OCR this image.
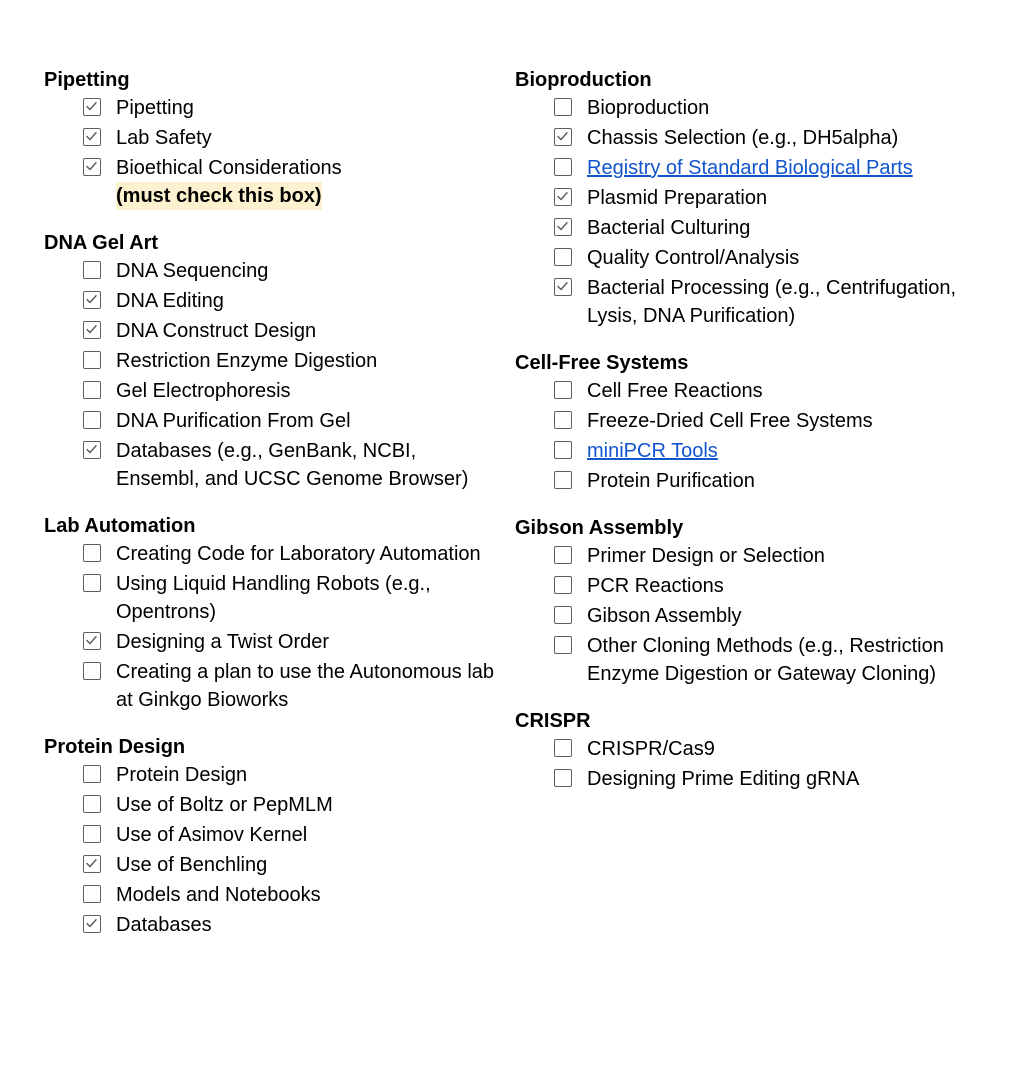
Pipetting
Pipetting
Lab Safety
Bioethical Considerations
(must check this box)
DNA Gel Art
DNA Sequencing
DNA Editing
DNA Construct Design
Restriction Enzyme Digestion
Gel Electrophoresis
DNA Purification From Gel
Databases (e.g., GenBank, NCBI, Ensembl, and UCSC Genome Browser)
Lab Automation
Creating Code for Laboratory Automation
Using Liquid Handling Robots (e.g., Opentrons)
Designing a Twist Order
Creating a plan to use the Autonomous lab at Ginkgo Bioworks
Protein Design
Protein Design
Use of Boltz or PepMLM
Use of Asimov Kernel
Use of Benchling
Models and Notebooks
Databases
Bioproduction
Bioproduction
Chassis Selection (e.g., DH5alpha)
Registry of Standard Biological Parts
Plasmid Preparation
Bacterial Culturing
Quality Control/Analysis
Bacterial Processing (e.g., Centrifugation, Lysis, DNA Purification)
Cell-Free Systems
Cell Free Reactions
Freeze-Dried Cell Free Systems
miniPCR Tools
Protein Purification
Gibson Assembly
Primer Design or Selection
PCR Reactions
Gibson Assembly
Other Cloning Methods (e.g., Restriction Enzyme Digestion or Gateway Cloning)
CRISPR
CRISPR/Cas9
Designing Prime Editing gRNA
